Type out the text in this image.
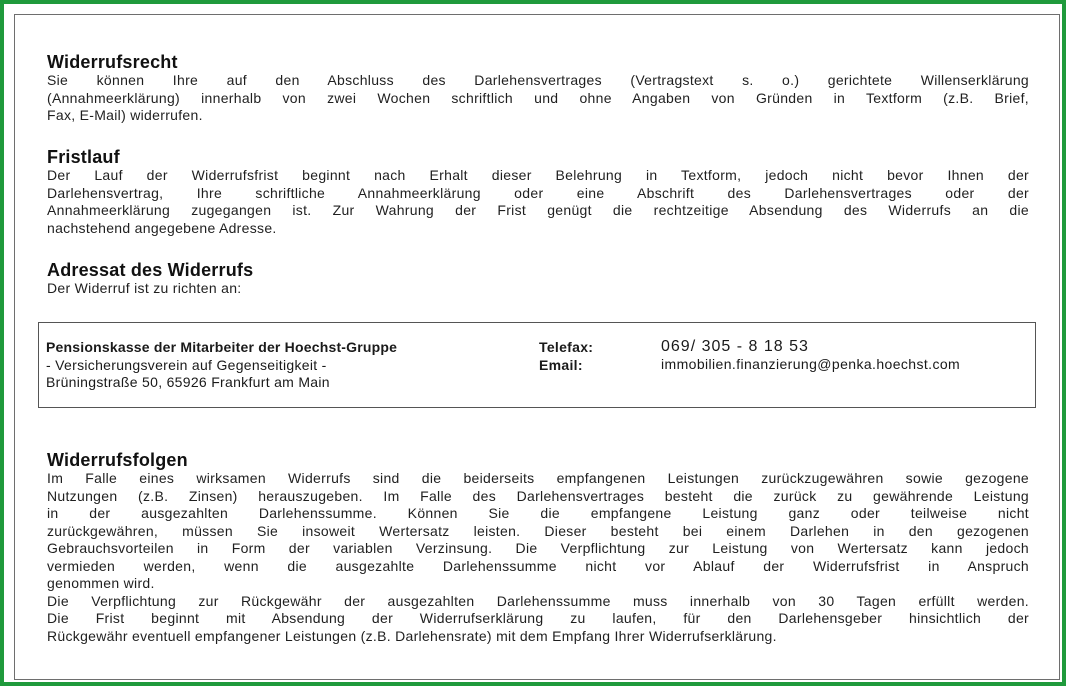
Widerrufsrecht

Sie können Ihre auf den Abschluss des Darlehensvertrages (Vertragstext s. o.) gerichtete Willenserklärung
(Annahmeerklärung) innerhalb von zwei Wochen schriftlich und ohne Angaben von Gründen in Textform (z.B. Brief,
Fax, E-Mail) widerrufen.

Fristlauf

Der Lauf der Widerrufsfrist beginnt nach Erhalt dieser Belehrung in Textform, jedoch nicht bevor Ihnen der
Darlehensvertrag, Ihre schriftliche Annahmeerklärung oder eine Abschrift des Darlehensvertrages oder der
Annahmeerklärung zugegangen ist. Zur Wahrung der Frist genügt die rechtzeitige Absendung des Widerrufs an die
nachstehend angegebene Adresse.

Adressat des Widerrufs

Der Widerruf ist zu richten an:

Pensionskasse der Mitarbeiter der Hoechst-Gruppe
- Versicherungsverein auf Gegenseitigkeit -
Brüningstraße 50, 65926 Frankfurt am Main
Telefax:
Email:
069/ 305 - 8 18 53
immobilien.finanzierung@penka.hoechst.com
Widerrufsfolgen

Im Falle eines wirksamen Widerrufs sind die beiderseits empfangenen Leistungen zurückzugewähren sowie gezogene
Nutzungen (z.B. Zinsen) herauszugeben. Im Falle des Darlehensvertrages besteht die zurück zu gewährende Leistung
in der ausgezahlten Darlehenssumme. Können Sie die empfangene Leistung ganz oder teilweise nicht
zurückgewähren, müssen Sie insoweit Wertersatz leisten. Dieser besteht bei einem Darlehen in den gezogenen
Gebrauchsvorteilen in Form der variablen Verzinsung. Die Verpflichtung zur Leistung von Wertersatz kann jedoch
vermieden werden, wenn die ausgezahlte Darlehenssumme nicht vor Ablauf der Widerrufsfrist in Anspruch
genommen wird.
Die Verpflichtung zur Rückgewähr der ausgezahlten Darlehenssumme muss innerhalb von 30 Tagen erfüllt werden.
Die Frist beginnt mit Absendung der Widerrufserklärung zu laufen, für den Darlehensgeber hinsichtlich der
Rückgewähr eventuell empfangener Leistungen (z.B. Darlehensrate) mit dem Empfang Ihrer Widerrufserklärung.
